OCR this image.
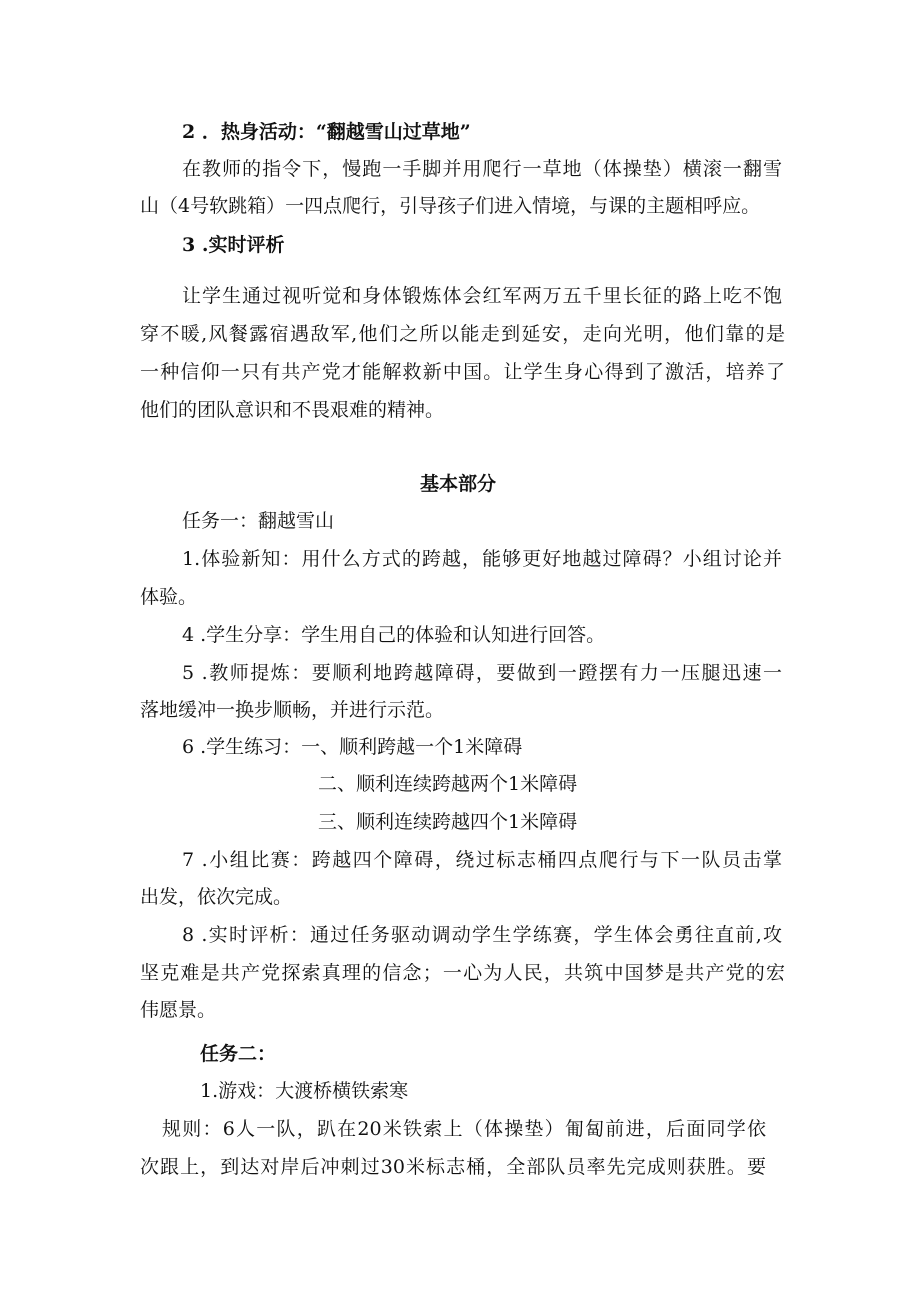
2 ．热身活动：“翻越雪山过草地”
在教师的指令下，慢跑一手脚并用爬行一草地（体操垫）横滚一翻雪
山（4号软跳箱）一四点爬行，引导孩子们进入情境，与课的主题相呼应。
3 .实时评析
让学生通过视听觉和身体锻炼体会红军两万五千里长征的路上吃不饱
穿不暖,风餐露宿遇敌军,他们之所以能走到延安，走向光明，他们靠的是
一种信仰一只有共产党才能解救新中国。让学生身心得到了激活，培养了
他们的团队意识和不畏艰难的精神。
基本部分
任务一：翻越雪山
1.体验新知：用什么方式的跨越，能够更好地越过障碍？小组讨论并
体验。
4 .学生分享：学生用自己的体验和认知进行回答。
5 .教师提炼：要顺利地跨越障碍，要做到一蹬摆有力一压腿迅速一
落地缓冲一换步顺畅，并进行示范。
6 .学生练习：一、顺利跨越一个1米障碍
二、顺利连续跨越两个1米障碍
三、顺利连续跨越四个1米障碍
7 .小组比赛：跨越四个障碍，绕过标志桶四点爬行与下一队员击掌
出发，依次完成。
8 .实时评析：通过任务驱动调动学生学练赛，学生体会勇往直前,攻
坚克难是共产党探索真理的信念；一心为人民，共筑中国梦是共产党的宏
伟愿景。
任务二：
1.游戏：大渡桥横铁索寒
规则：6人一队，趴在20米铁索上（体操垫）匍匐前进，后面同学依
次跟上，到达对岸后冲刺过30米标志桶，全部队员率先完成则获胜。要
